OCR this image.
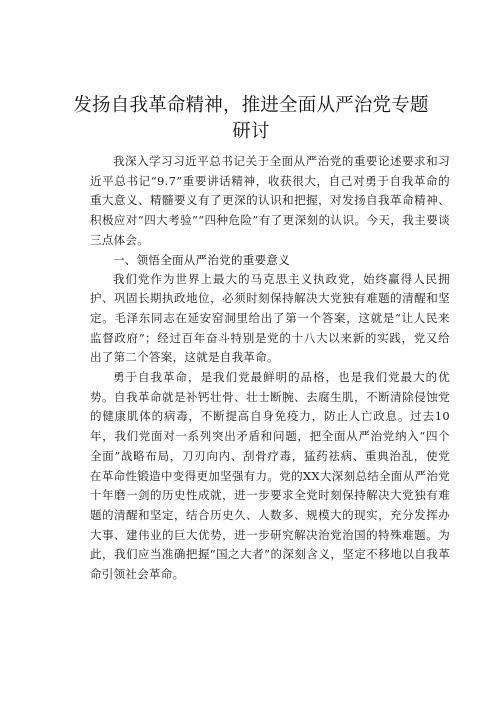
发扬自我革命精神，推进全面从严治党专题研讨

我深入学习习近平总书记关于全面从严治党的重要论述要求和习近平总书记“9.7”重要讲话精神，收获很大，自己对勇于自我革命的重大意义、精髓要义有了更深的认识和把握，对发扬自我革命精神、积极应对“四大考验”“四种危险”有了更深刻的认识。今天，我主要谈三点体会。

一、领悟全面从严治党的重要意义

我们党作为世界上最大的马克思主义执政党，始终赢得人民拥护、巩固长期执政地位，必须时刻保持解决大党独有难题的清醒和坚定。毛泽东同志在延安窑洞里给出了第一个答案，这就是“让人民来监督政府”；经过百年奋斗特别是党的十八大以来新的实践，党又给出了第二个答案，这就是自我革命。

勇于自我革命，是我们党最鲜明的品格，也是我们党最大的优势。自我革命就是补钙壮骨、壮士断腕、去腐生肌，不断清除侵蚀党的健康肌体的病毒，不断提高自身免疫力，防止人亡政息。过去10年，我们党面对一系列突出矛盾和问题，把全面从严治党纳入“四个全面”战略布局，刀刃向内、刮骨疗毒，猛药祛病、重典治乱，使党在革命性锻造中变得更加坚强有力。党的XX大深刻总结全面从严治党十年磨一剑的历史性成就，进一步要求全党时刻保持解决大党独有难题的清醒和坚定，结合历史久、人数多、规模大的现实，充分发挥办大事、建伟业的巨大优势，进一步研究解决治党治国的特殊难题。为此，我们应当准确把握“国之大者”的深刻含义，坚定不移地以自我革命引领社会革命。
